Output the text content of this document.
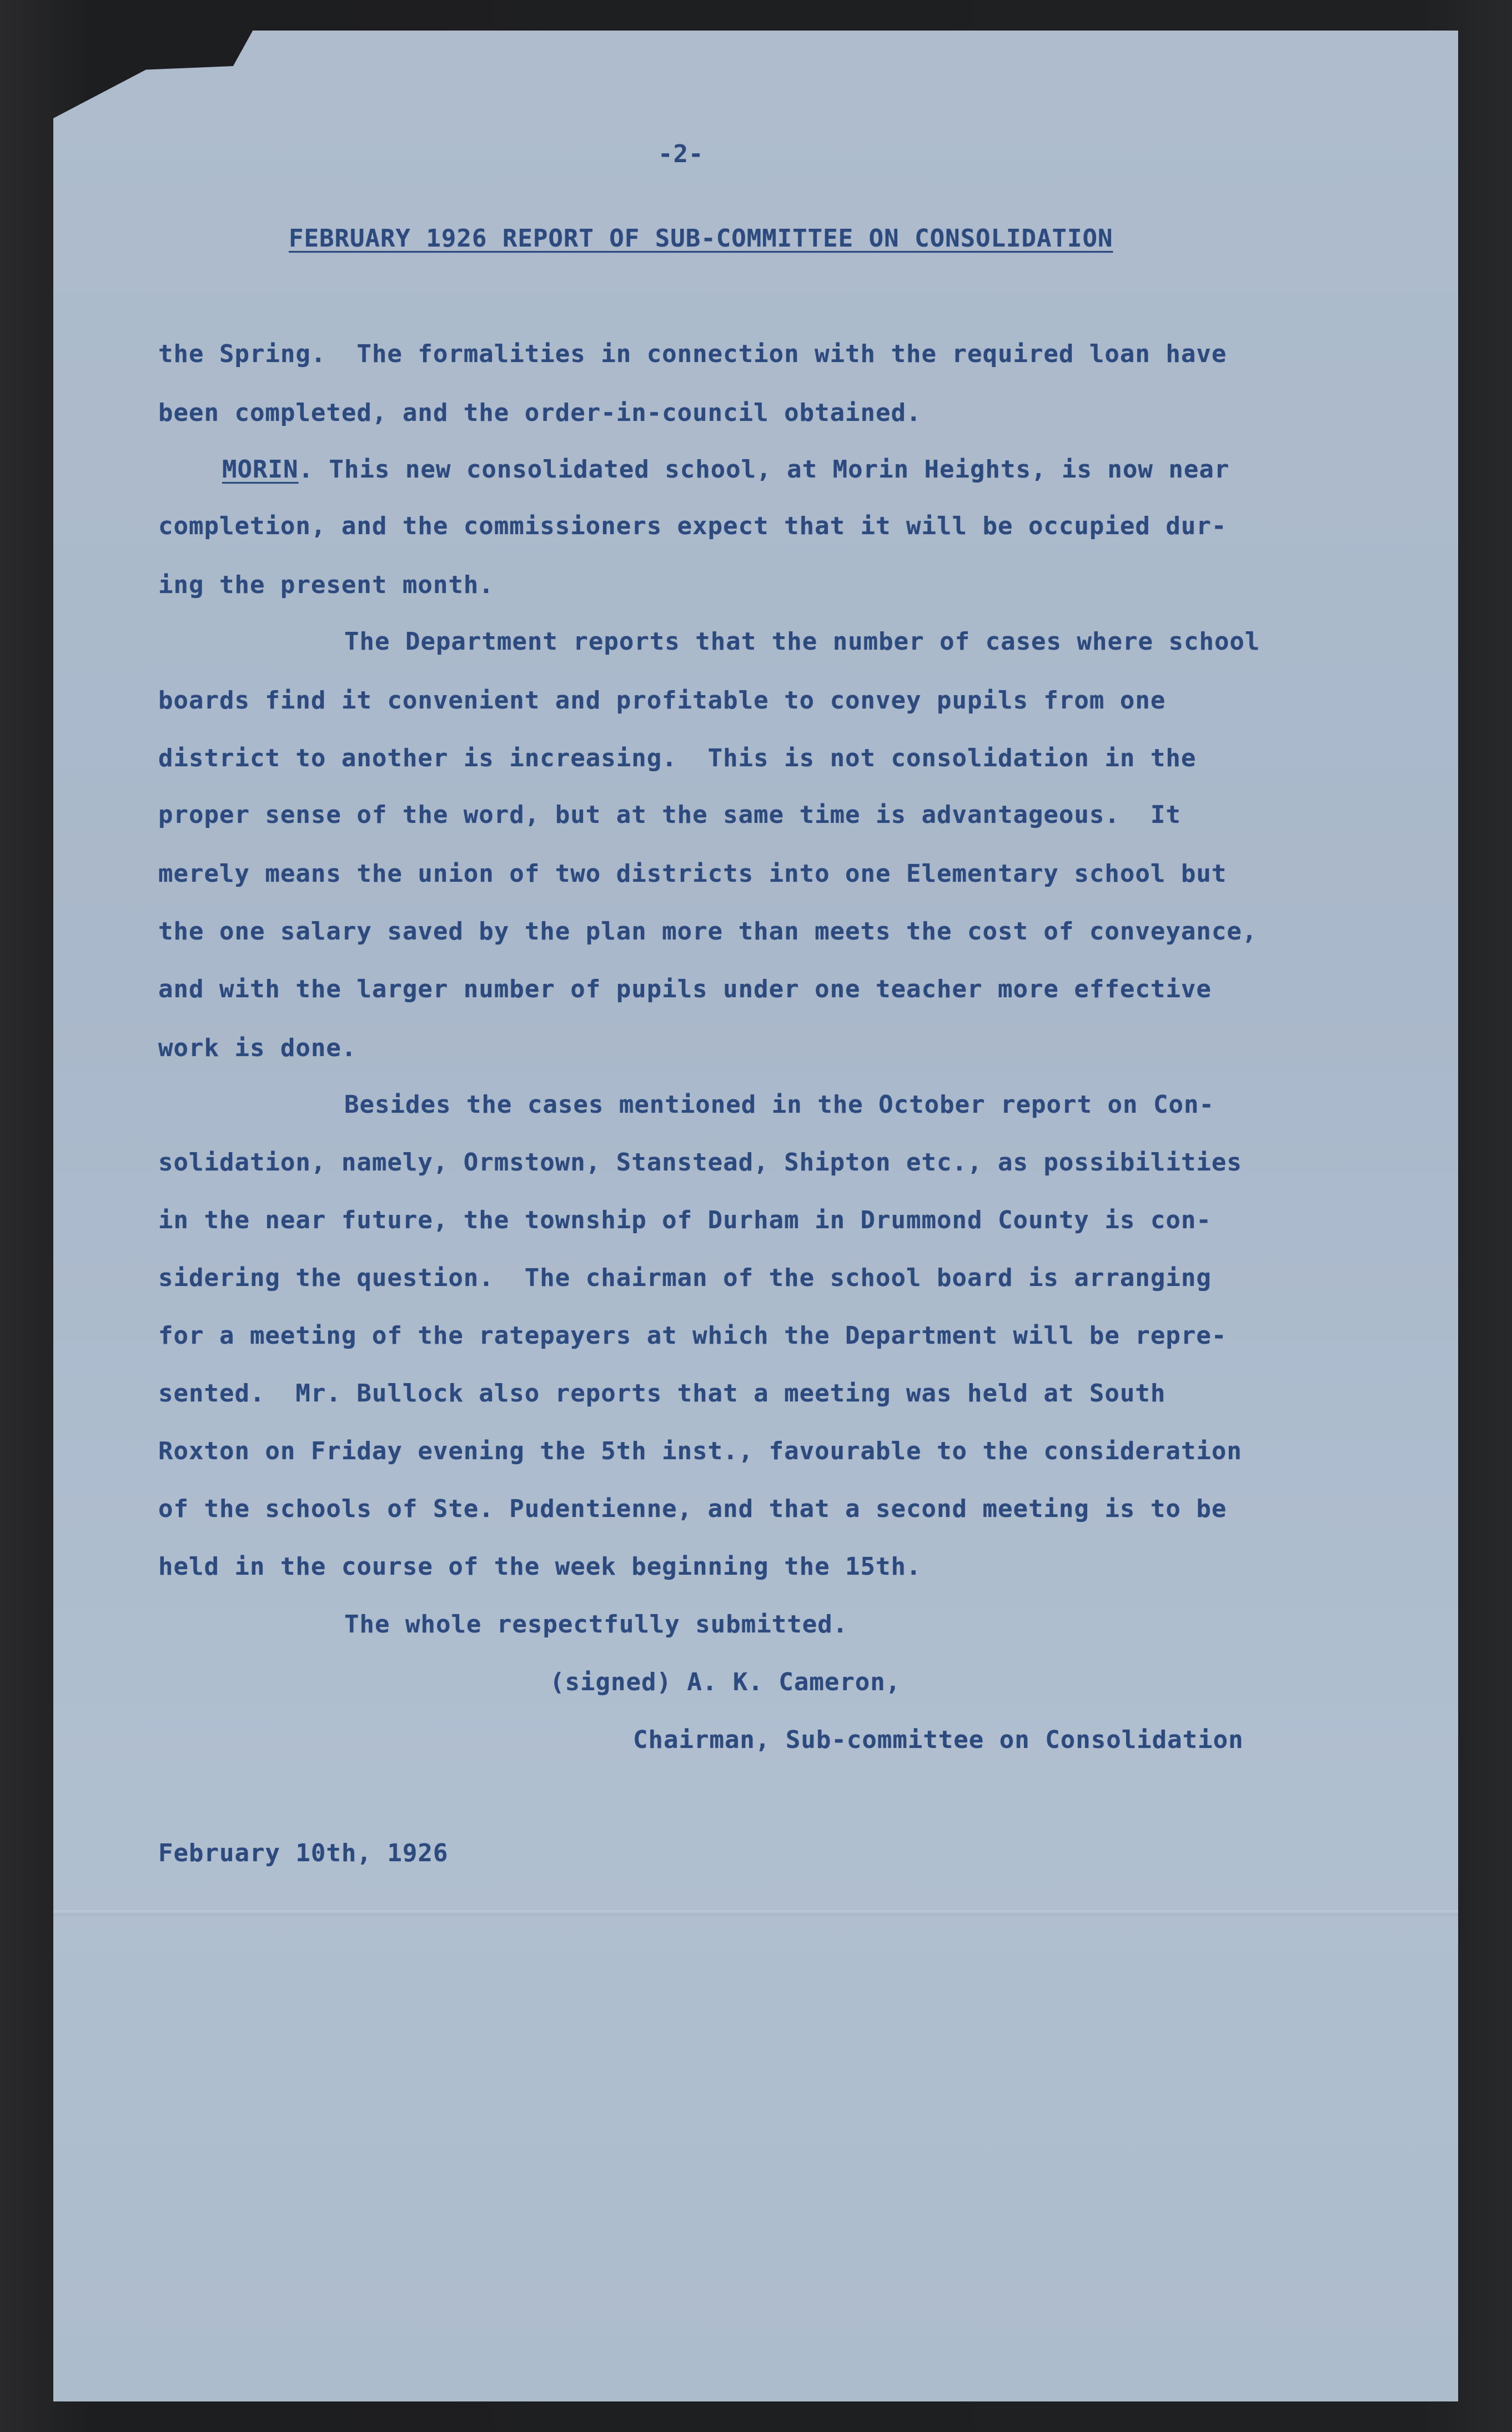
-2-
FEBRUARY 1926 REPORT OF SUB-COMMITTEE ON CONSOLIDATION
the Spring.  The formalities in connection with the required loan have
been completed, and the order-in-council obtained.
MORIN. This new consolidated school, at Morin Heights, is now near
completion, and the commissioners expect that it will be occupied dur-
ing the present month.
The Department reports that the number of cases where school
boards find it convenient and profitable to convey pupils from one
district to another is increasing.  This is not consolidation in the
proper sense of the word, but at the same time is advantageous.  It
merely means the union of two districts into one Elementary school but
the one salary saved by the plan more than meets the cost of conveyance,
and with the larger number of pupils under one teacher more effective
work is done.
Besides the cases mentioned in the October report on Con-
solidation, namely, Ormstown, Stanstead, Shipton etc., as possibilities
in the near future, the township of Durham in Drummond County is con-
sidering the question.  The chairman of the school board is arranging
for a meeting of the ratepayers at which the Department will be repre-
sented.  Mr. Bullock also reports that a meeting was held at South
Roxton on Friday evening the 5th inst., favourable to the consideration
of the schools of Ste. Pudentienne, and that a second meeting is to be
held in the course of the week beginning the 15th.
The whole respectfully submitted.
(signed) A. K. Cameron,
Chairman, Sub-committee on Consolidation
February 10th, 1926
